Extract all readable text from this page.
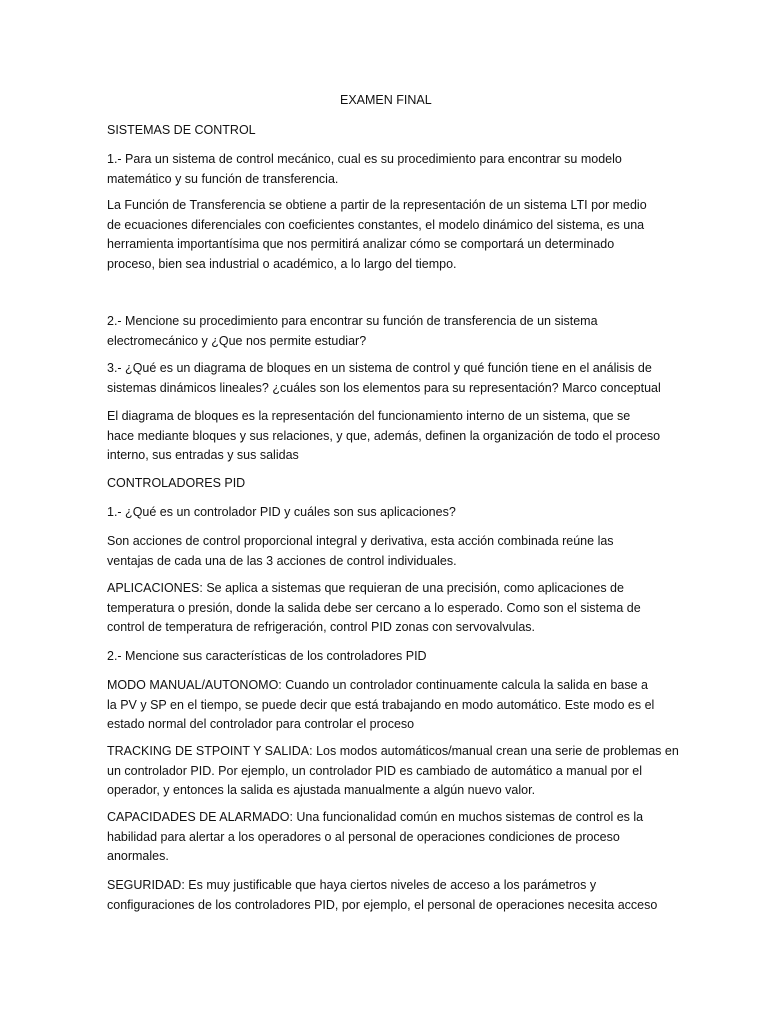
EXAMEN FINAL

SISTEMAS DE CONTROL

1.- Para un sistema de control mecánico, cual es su procedimiento para encontrar su modelo
matemático y su función de transferencia.

La Función de Transferencia se obtiene a partir de la representación de un sistema LTI por medio
de ecuaciones diferenciales con coeficientes constantes, el modelo dinámico del sistema, es una
herramienta importantísima que nos permitirá analizar cómo se comportará un determinado
proceso, bien sea industrial o académico, a lo largo del tiempo.

2.- Mencione su procedimiento para encontrar su función de transferencia de un sistema
electromecánico y ¿Que nos permite estudiar?

3.- ¿Qué es un diagrama de bloques en un sistema de control y qué función tiene en el análisis de
sistemas dinámicos lineales? ¿cuáles son los elementos para su representación? Marco conceptual

El diagrama de bloques es la representación del funcionamiento interno de un sistema, que se
hace mediante bloques y sus relaciones, y que, además, definen la organización de todo el proceso
interno, sus entradas y sus salidas

CONTROLADORES PID

1.- ¿Qué es un controlador PID y cuáles son sus aplicaciones?

Son acciones de control proporcional integral y derivativa, esta acción combinada reúne las
ventajas de cada una de las 3 acciones de control individuales.

APLICACIONES: Se aplica a sistemas que requieran de una precisión, como aplicaciones de
temperatura o presión, donde la salida debe ser cercano a lo esperado. Como son el sistema de
control de temperatura de refrigeración, control PID zonas con servovalvulas.

2.- Mencione sus características de los controladores PID

MODO MANUAL/AUTONOMO: Cuando un controlador continuamente calcula la salida en base a
la PV y SP en el tiempo, se puede decir que está trabajando en modo automático. Este modo es el
estado normal del controlador para controlar el proceso

TRACKING DE STPOINT Y SALIDA: Los modos automáticos/manual crean una serie de problemas en
un controlador PID. Por ejemplo, un controlador PID es cambiado de automático a manual por el
operador, y entonces la salida es ajustada manualmente a algún nuevo valor.

CAPACIDADES DE ALARMADO: Una funcionalidad común en muchos sistemas de control es la
habilidad para alertar a los operadores o al personal de operaciones condiciones de proceso
anormales.

SEGURIDAD: Es muy justificable que haya ciertos niveles de acceso a los parámetros y
configuraciones de los controladores PID, por ejemplo, el personal de operaciones necesita acceso
